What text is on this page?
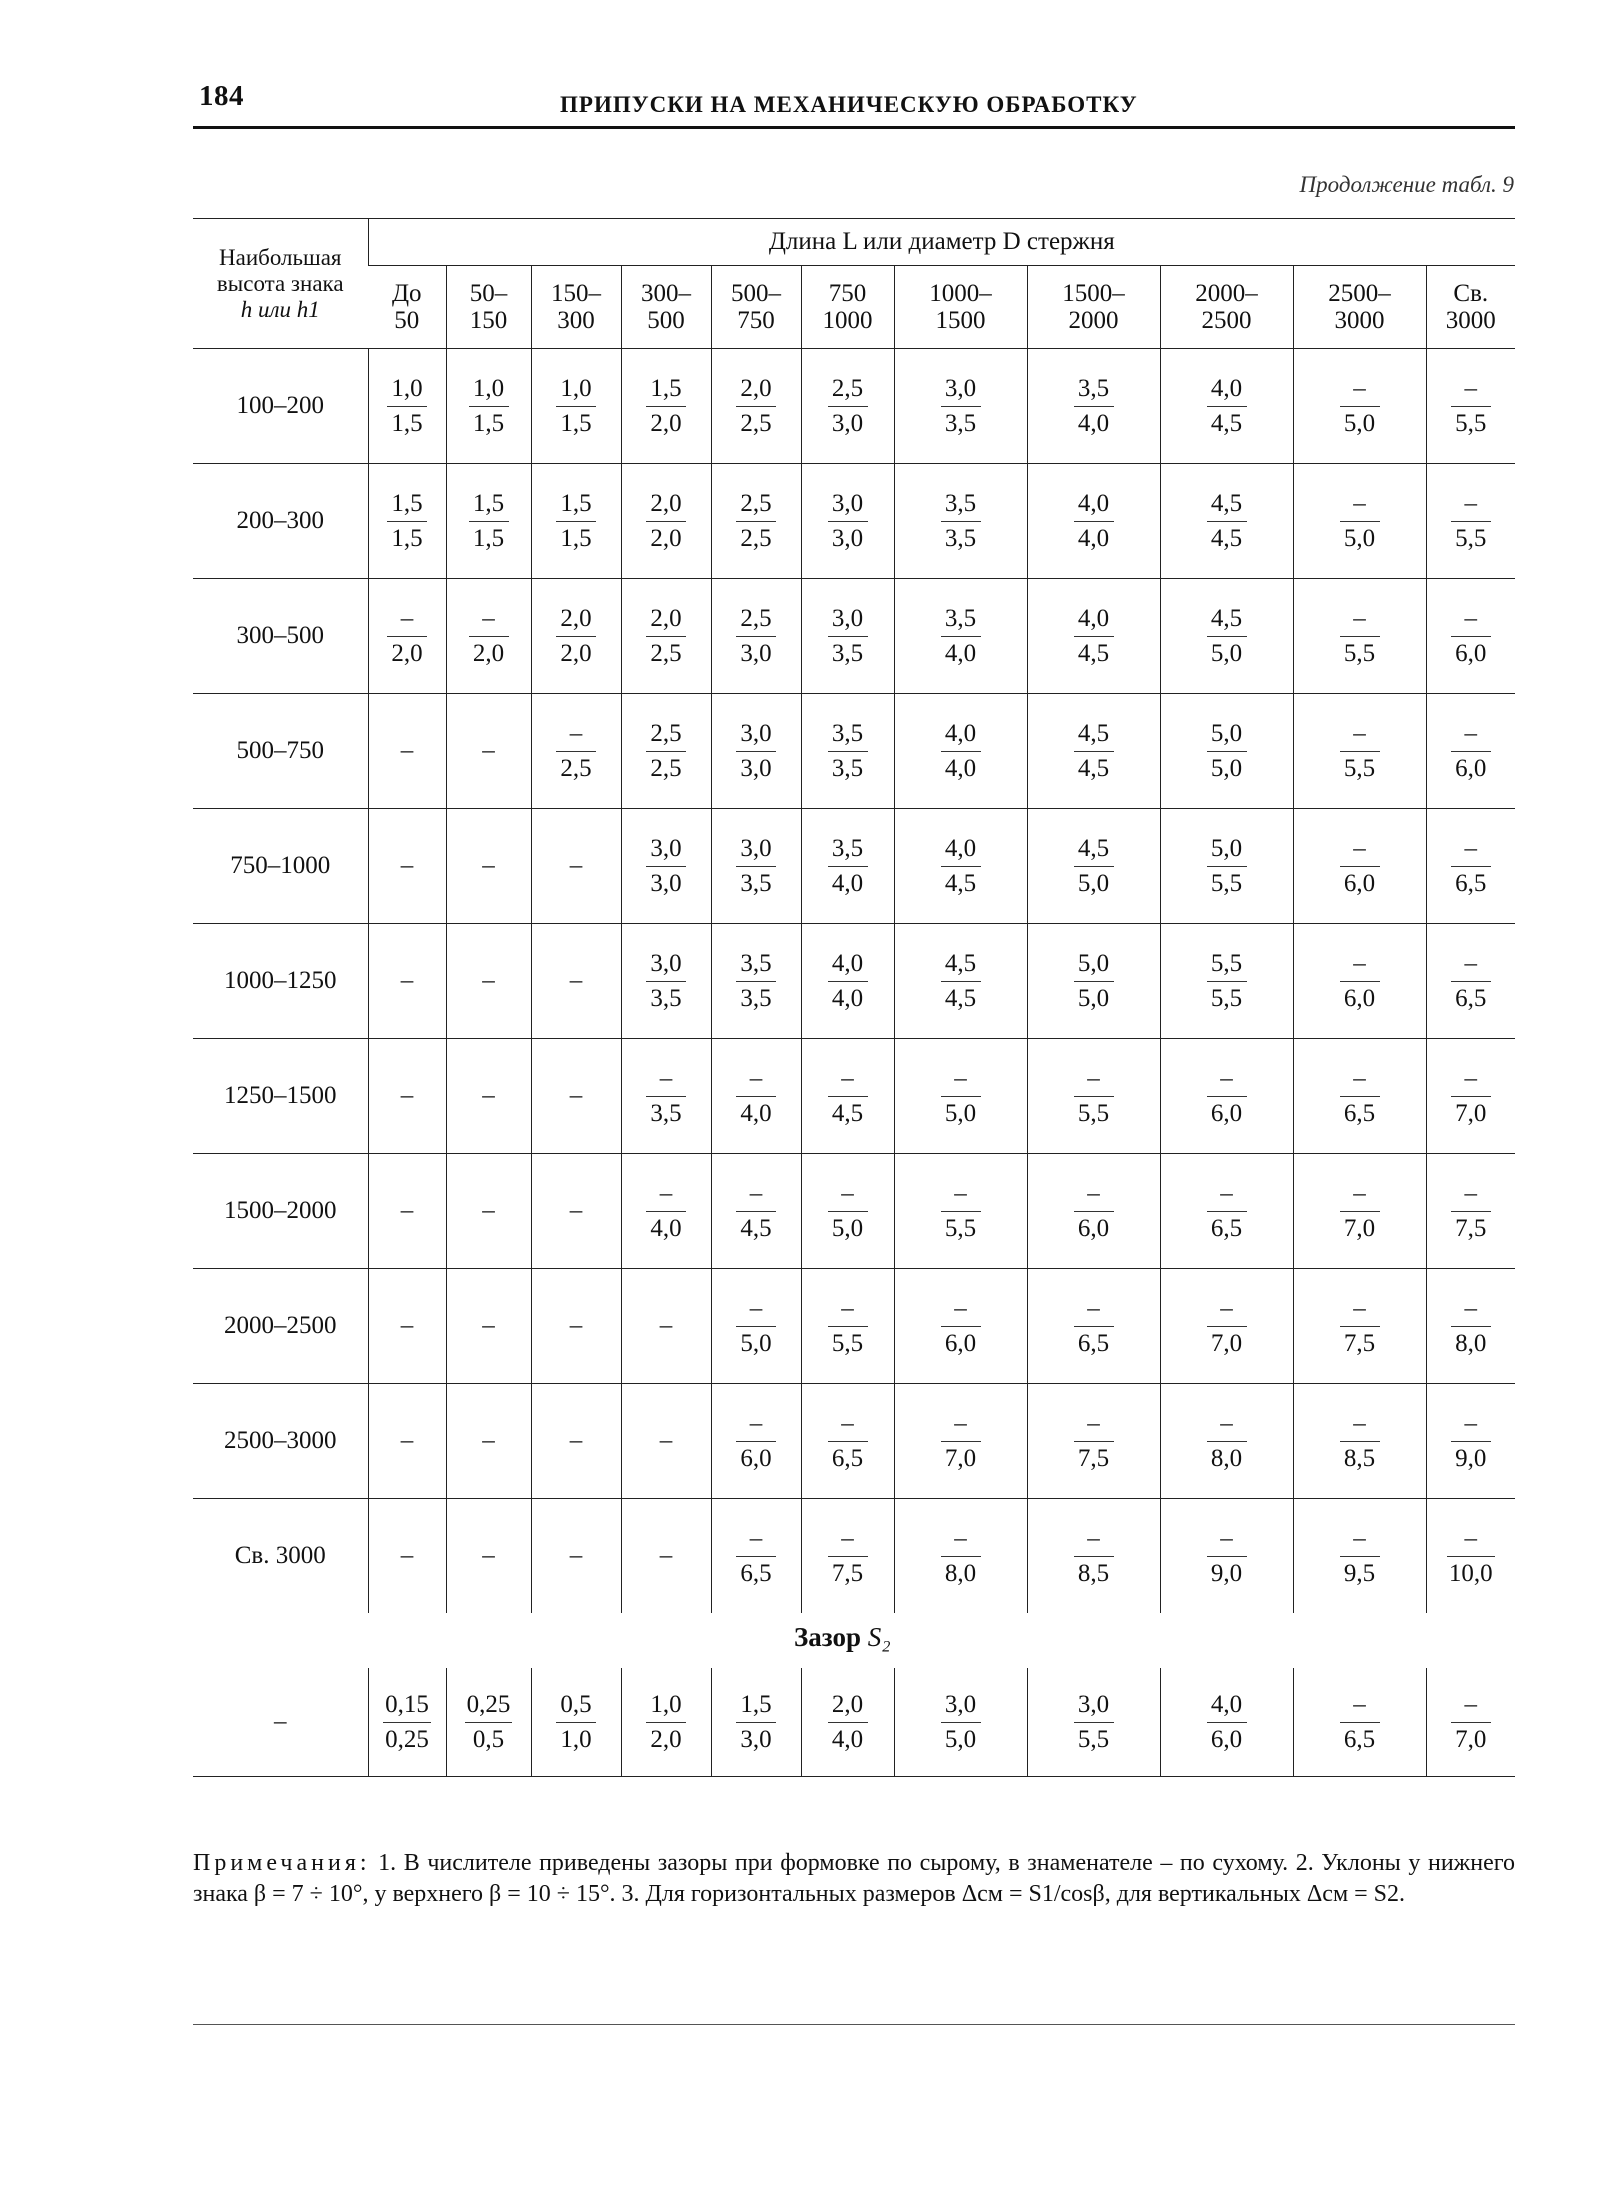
184	ПРИПУСКИ НА МЕХАНИЧЕСКУЮ ОБРАБОТКУ
Продолжение табл. 9
Наибольшая
высота знака
h или h1	Длина L или диаметр D стержня										
	До 50	50– 150	150– 300	300– 500	500– 750	750 1000	1000– 1500	1500– 2000	2000– 2500	2500– 3000	Св. 3000
100–200	$\frac{1,0}{1,5}$	$\frac{1,0}{1,5}$	$\frac{1,0}{1,5}$	$\frac{1,5}{2,0}$	$\frac{2,0}{2,5}$	$\frac{2,5}{3,0}$	$\frac{3,0}{3,5}$	$\frac{3,5}{4,0}$	$\frac{4,0}{4,5}$	$\frac{-}{5,0}$	$\frac{-}{5,5}$

200–300	$\frac{1,5}{1,5}$	$\frac{1,5}{1,5}$	$\frac{1,5}{1,5}$	$\frac{2,0}{2,0}$	$\frac{2,5}{2,5}$	$\frac{3,0}{3,0}$	$\frac{3,5}{3,5}$	$\frac{4,0}{4,0}$	$\frac{4,5}{4,5}$	$\frac{-}{5,0}$	$\frac{-}{5,5}$

300–500	$\frac{-}{2,0}$	$\frac{-}{2,0}$	$\frac{2,0}{2,0}$	$\frac{2,0}{2,5}$	$\frac{2,5}{3,0}$	$\frac{3,0}{3,5}$	$\frac{3,5}{4,0}$	$\frac{4,0}{4,5}$	$\frac{4,5}{5,0}$	$\frac{-}{5,5}$	$\frac{-}{6,0}$

500–750	–	–	$\frac{-}{2,5}$	$\frac{2,5}{2,5}$	$\frac{3,0}{3,0}$	$\frac{3,5}{3,5}$	$\frac{4,0}{4,0}$	$\frac{4,5}{4,5}$	$\frac{5,0}{5,0}$	$\frac{-}{5,5}$	$\frac{-}{6,0}$

750–1000	–	–	–	$\frac{3,0}{3,0}$	$\frac{3,0}{3,5}$	$\frac{3,5}{4,0}$	$\frac{4,0}{4,5}$	$\frac{4,5}{5,0}$	$\frac{5,0}{5,5}$	$\frac{-}{6,0}$	$\frac{-}{6,5}$

1000–1250	–	–	–	$\frac{3,0}{3,5}$	$\frac{3,5}{3,5}$	$\frac{4,0}{4,0}$	$\frac{4,5}{4,5}$	$\frac{5,0}{5,0}$	$\frac{5,5}{5,5}$	$\frac{-}{6,0}$	$\frac{-}{6,5}$

1250–1500	–	–	–	$\frac{-}{3,5}$	$\frac{-}{4,0}$	$\frac{-}{4,5}$	$\frac{-}{5,0}$	$\frac{-}{5,5}$	$\frac{-}{6,0}$	$\frac{-}{6,5}$	$\frac{-}{7,0}$

1500–2000	–	–	–	$\frac{-}{4,0}$	$\frac{-}{4,5}$	$\frac{-}{5,0}$	$\frac{-}{5,5}$	$\frac{-}{6,0}$	$\frac{-}{6,5}$	$\frac{-}{7,0}$	$\frac{-}{7,5}$

2000–2500	–	–	–	–	$\frac{-}{5,0}$	$\frac{-}{5,5}$	$\frac{-}{6,0}$	$\frac{-}{6,5}$	$\frac{-}{7,0}$	$\frac{-}{7,5}$	$\frac{-}{8,0}$

2500–3000	–	–	–	–	$\frac{-}{6,0}$	$\frac{-}{6,5}$	$\frac{-}{7,0}$	$\frac{-}{7,5}$	$\frac{-}{8,0}$	$\frac{-}{8,5}$	$\frac{-}{9,0}$

Св. 3000	–	–	–	–	$\frac{-}{6,5}$	$\frac{-}{7,5}$	$\frac{-}{8,0}$	$\frac{-}{8,5}$	$\frac{-}{9,0}$	$\frac{-}{9,5}$	$\frac{-}{10,0}$
Зазор S₂
–	$\frac{0,15}{0,25}$	$\frac{0,25}{0,5}$	$\frac{0,5}{1,0}$	$\frac{1,0}{2,0}$	$\frac{1,5}{3,0}$	$\frac{2,0}{4,0}$	$\frac{3,0}{5,0}$	$\frac{3,0}{5,5}$	$\frac{4,0}{6,0}$	$\frac{-}{6,5}$	$\frac{-}{7,0}$
Примечания: 1. В числителе приведены зазоры при формовке по сырому, в знаменателе – по сухому. 2. Уклоны у нижнего знака β = 7 ÷ 10°, у верхнего β = 10 ÷ 15°. 3. Для горизонтальных размеров Δсм = S1/cosβ, для вертикальных Δсм = S2.
